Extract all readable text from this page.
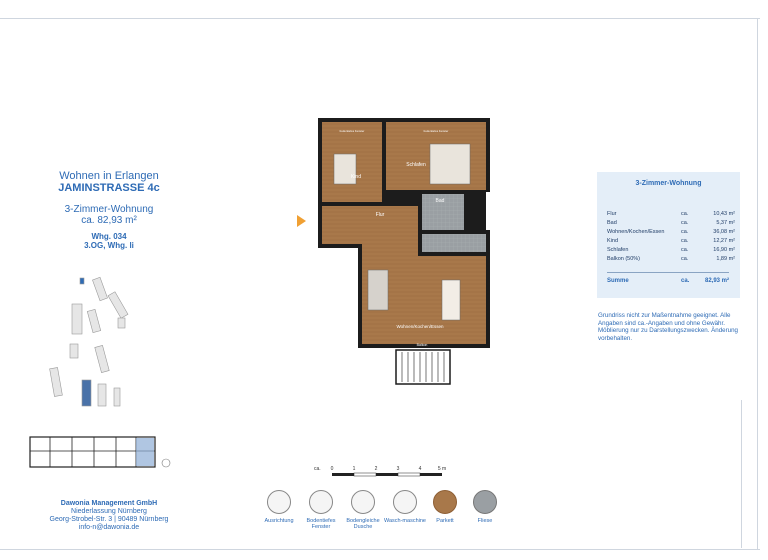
Wohnen in Erlangen
JAMINSTRASSE 4c
3-Zimmer-Wohnung
ca. 82,93 m²
Whg. 034
3.OG, Whg. li
Dawonia Management GmbH
Niederlassung Nürnberg
Georg-Strobel-Str. 3 | 90489 Nürnberg
info-n@dawonia.de
Kind
Schlafen
Bad
Flur
Wohnen/Kochen/Essen
Balkon
bodentiefes Fenster	bodentiefes Fenster
ca. 0	1	2	3	4	5 m
Ausrichtung	Bodentiefes Fenster
Bodengleiche Dusche
Wasch-maschine	Parkett	Fliese
3-Zimmer-Wohnung
Flur	ca.	10,43 m²
Bad	ca.	5,37 m²
Wohnen/Kochen/Essen	ca.	36,08 m²
Kind	ca.	12,27 m²
Schlafen	ca.	16,90 m²
Balkon (50%)	ca.	1,89 m²
Summe	ca.	82,93 m²
Grundriss nicht zur Maßentnahme geeignet. Alle Angaben sind ca.-Angaben und ohne Gewähr. Möblierung nur zu Darstellungszwecken. Änderung vorbehalten.
